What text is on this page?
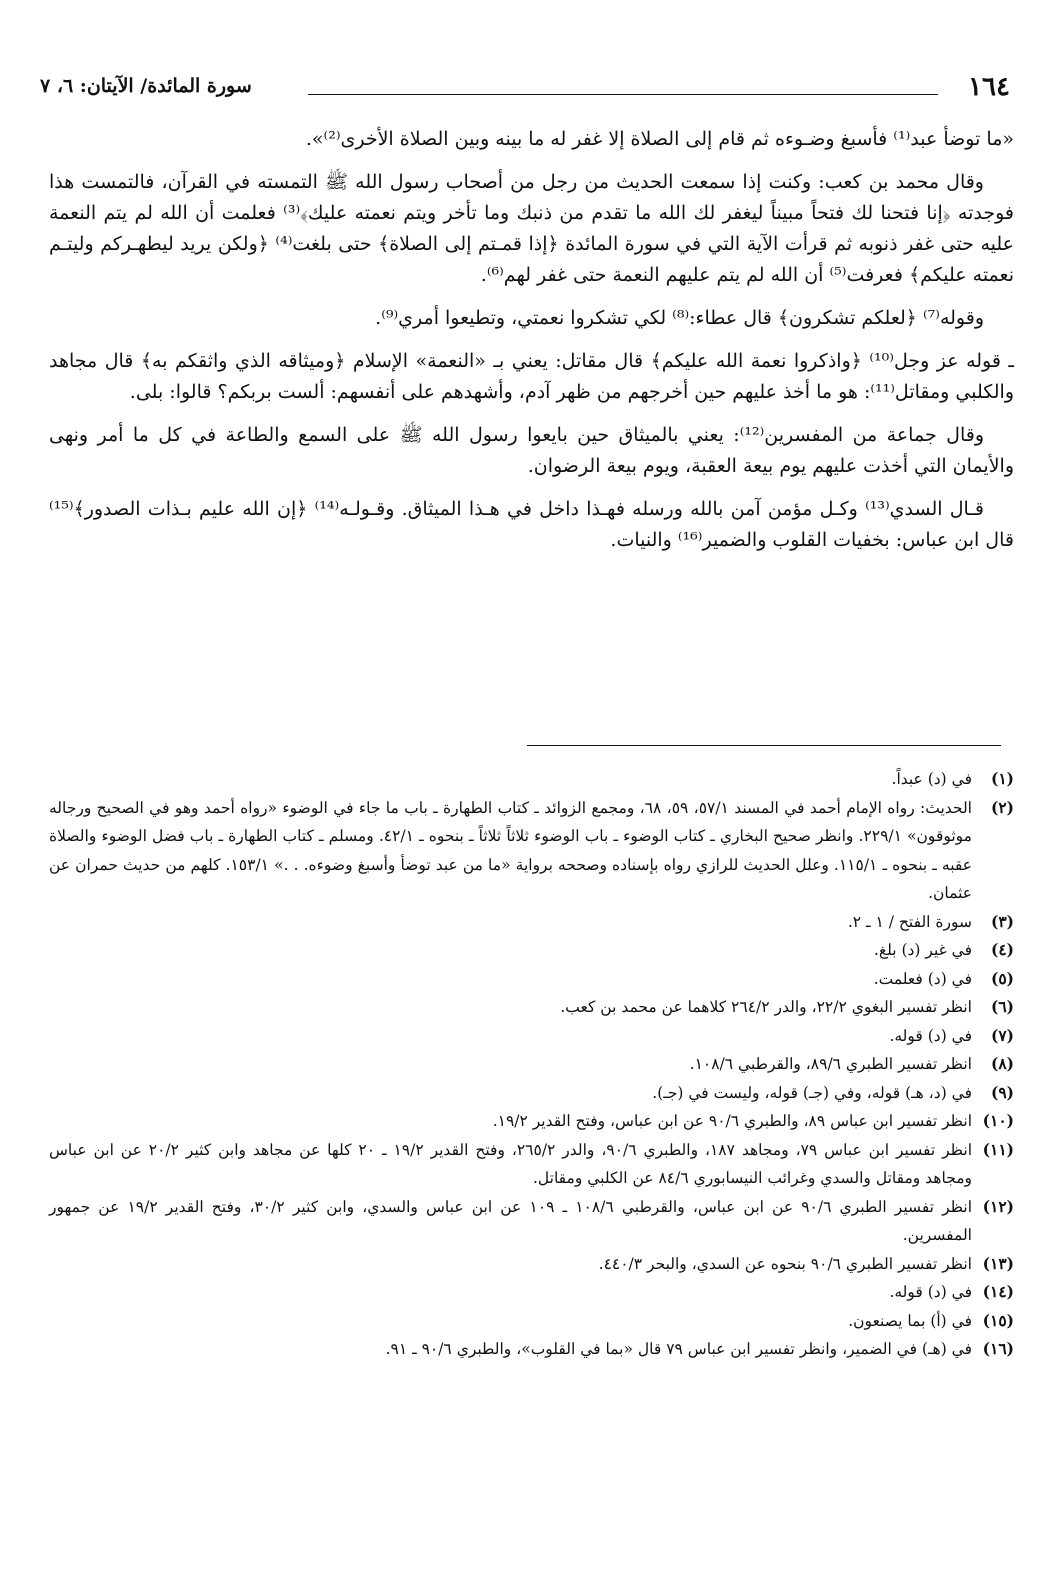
١٦٤
سورة المائدة/ الآيتان: ٦، ٧

«ما توضأ عبد⁽¹⁾ فأسبغ وضـوءه ثم قام إلى الصلاة إلا غفر له ما بينه وبين الصلاة الأخرى⁽²⁾».

وقال محمد بن كعب: وكنت إذا سمعت الحديث من رجل من أصحاب رسول الله ﷺ التمسته في القرآن، فالتمست هذا فوجدته ﴿إنا فتحنا لك فتحاً مبيناً ليغفر لك الله ما تقدم من ذنبك وما تأخر ويتم نعمته عليك﴾⁽³⁾ فعلمت أن الله لم يتم النعمة عليه حتى غفر ذنوبه ثم قرأت الآية التي في سورة المائدة ﴿إذا قمـتم إلى الصلاة﴾ حتى بلغت⁽⁴⁾ ﴿ولكن يريد ليطهـركم وليتـم نعمته عليكم﴾ فعرفت⁽⁵⁾ أن الله لم يتم عليهم النعمة حتى غفر لهم⁽⁶⁾.

وقوله⁽⁷⁾ ﴿لعلكم تشكرون﴾ قال عطاء:⁽⁸⁾ لكي تشكروا نعمتي، وتطيعوا أمري⁽⁹⁾.

ـ قوله عز وجل⁽¹⁰⁾ ﴿واذكروا نعمة الله عليكم﴾ قال مقاتل: يعني بـ «النعمة» الإسلام ﴿وميثاقه الذي واثقكم به﴾ قال مجاهد والكلبي ومقاتل⁽¹¹⁾: هو ما أخذ عليهم حين أخرجهم من ظهر آدم، وأشهدهم على أنفسهم: ألست بربكم؟ قالوا: بلى.

وقال جماعة من المفسرين⁽¹²⁾: يعني بالميثاق حين بايعوا رسول الله ﷺ على السمع والطاعة في كل ما أمر ونهى والأيمان التي أخذت عليهم يوم بيعة العقبة، ويوم بيعة الرضوان.

قـال السدي⁽¹³⁾ وكـل مؤمن آمن بالله ورسله فهـذا داخل في هـذا الميثاق. وقـولـه⁽¹⁴⁾ ﴿إن الله عليم بـذات الصدور﴾⁽¹⁵⁾ قال ابن عباس: بخفيات القلوب والضمير⁽¹⁶⁾ والنيات.

(١)
في (د) عبداً.
(٢)
الحديث: رواه الإمام أحمد في المسند ٥٧/١، ٥٩، ٦٨، ومجمع الزوائد ـ كتاب الطهارة ـ باب ما جاء في الوضوء «رواه أحمد وهو في الصحيح ورجاله موثوقون» ٢٢٩/١. وانظر صحيح البخاري ـ كتاب الوضوء ـ باب الوضوء ثلاثاً ثلاثاً ـ بنحوه ـ ٤٢/١. ومسلم ـ كتاب الطهارة ـ باب فضل الوضوء والصلاة عقبه ـ بنحوه ـ ١١٥/١. وعلل الحديث للرازي رواه بإسناده وصححه برواية «ما من عبد توضأ وأسبغ وضوءه. . .» ١٥٣/١. كلهم من حديث حمران عن عثمان.
(٣)
سورة الفتح / ١ ـ ٢.
(٤)
في غير (د) بلغ.
(٥)
في (د) فعلمت.
(٦)
انظر تفسير البغوي ٢٢/٢، والدر ٢٦٤/٢ كلاهما عن محمد بن كعب.
(٧)
في (د) قوله.
(٨)
انظر تفسير الطبري ٨٩/٦، والقرطبي ١٠٨/٦.
(٩)
في (د، هـ) قوله، وفي (جـ) قوله، وليست في (جـ).
(١٠)
انظر تفسير ابن عباس ٨٩، والطبري ٩٠/٦ عن ابن عباس، وفتح القدير ١٩/٢.
(١١)
انظر تفسير ابن عباس ٧٩، ومجاهد ١٨٧، والطبري ٩٠/٦، والدر ٢٦٥/٢، وفتح القدير ١٩/٢ ـ ٢٠ كلها عن مجاهد وابن كثير ٢٠/٢ عن ابن عباس ومجاهد ومقاتل والسدي وغرائب النيسابوري ٨٤/٦ عن الكلبي ومقاتل.
(١٢)
انظر تفسير الطبري ٩٠/٦ عن ابن عباس، والقرطبي ١٠٨/٦ ـ ١٠٩ عن ابن عباس والسدي، وابن كثير ٣٠/٢، وفتح القدير ١٩/٢ عن جمهور المفسرين.
(١٣)
انظر تفسير الطبري ٩٠/٦ بنحوه عن السدي، والبحر ٤٤٠/٣.
(١٤)
في (د) قوله.
(١٥)
في (أ) بما يصنعون.
(١٦)
في (هـ) في الضمير، وانظر تفسير ابن عباس ٧٩ قال «بما في القلوب»، والطبري ٩٠/٦ ـ ٩١.
